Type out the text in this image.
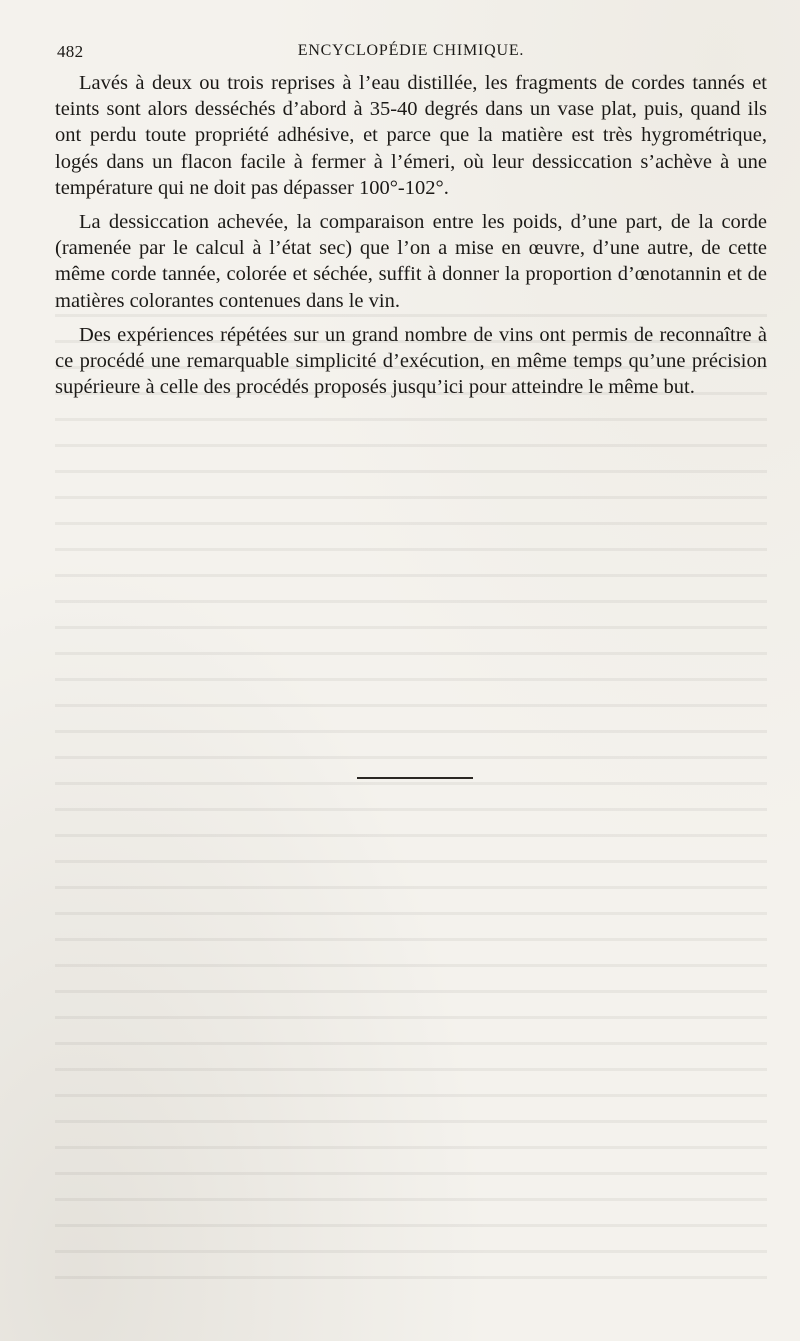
482	ENCYCLOPÉDIE CHIMIQUE.

Lavés à deux ou trois reprises à l’eau distillée, les fragments de cordes tannés et teints sont alors desséchés d’abord à 35-40 degrés dans un vase plat, puis, quand ils ont perdu toute propriété adhésive, et parce que la matière est très hygrométrique, logés dans un flacon facile à fermer à l’émeri, où leur dessiccation s’achève à une température qui ne doit pas dépasser 100°-102°.

La dessiccation achevée, la comparaison entre les poids, d’une part, de la corde (ramenée par le calcul à l’état sec) que l’on a mise en œuvre, d’une autre, de cette même corde tannée, colorée et séchée, suffit à donner la proportion d’œnotannin et de matières colorantes contenues dans le vin.

Des expériences répétées sur un grand nombre de vins ont permis de reconnaître à ce procédé une remarquable simplicité d’exécution, en même temps qu’une précision supérieure à celle des procédés proposés jusqu’ici pour atteindre le même but.
